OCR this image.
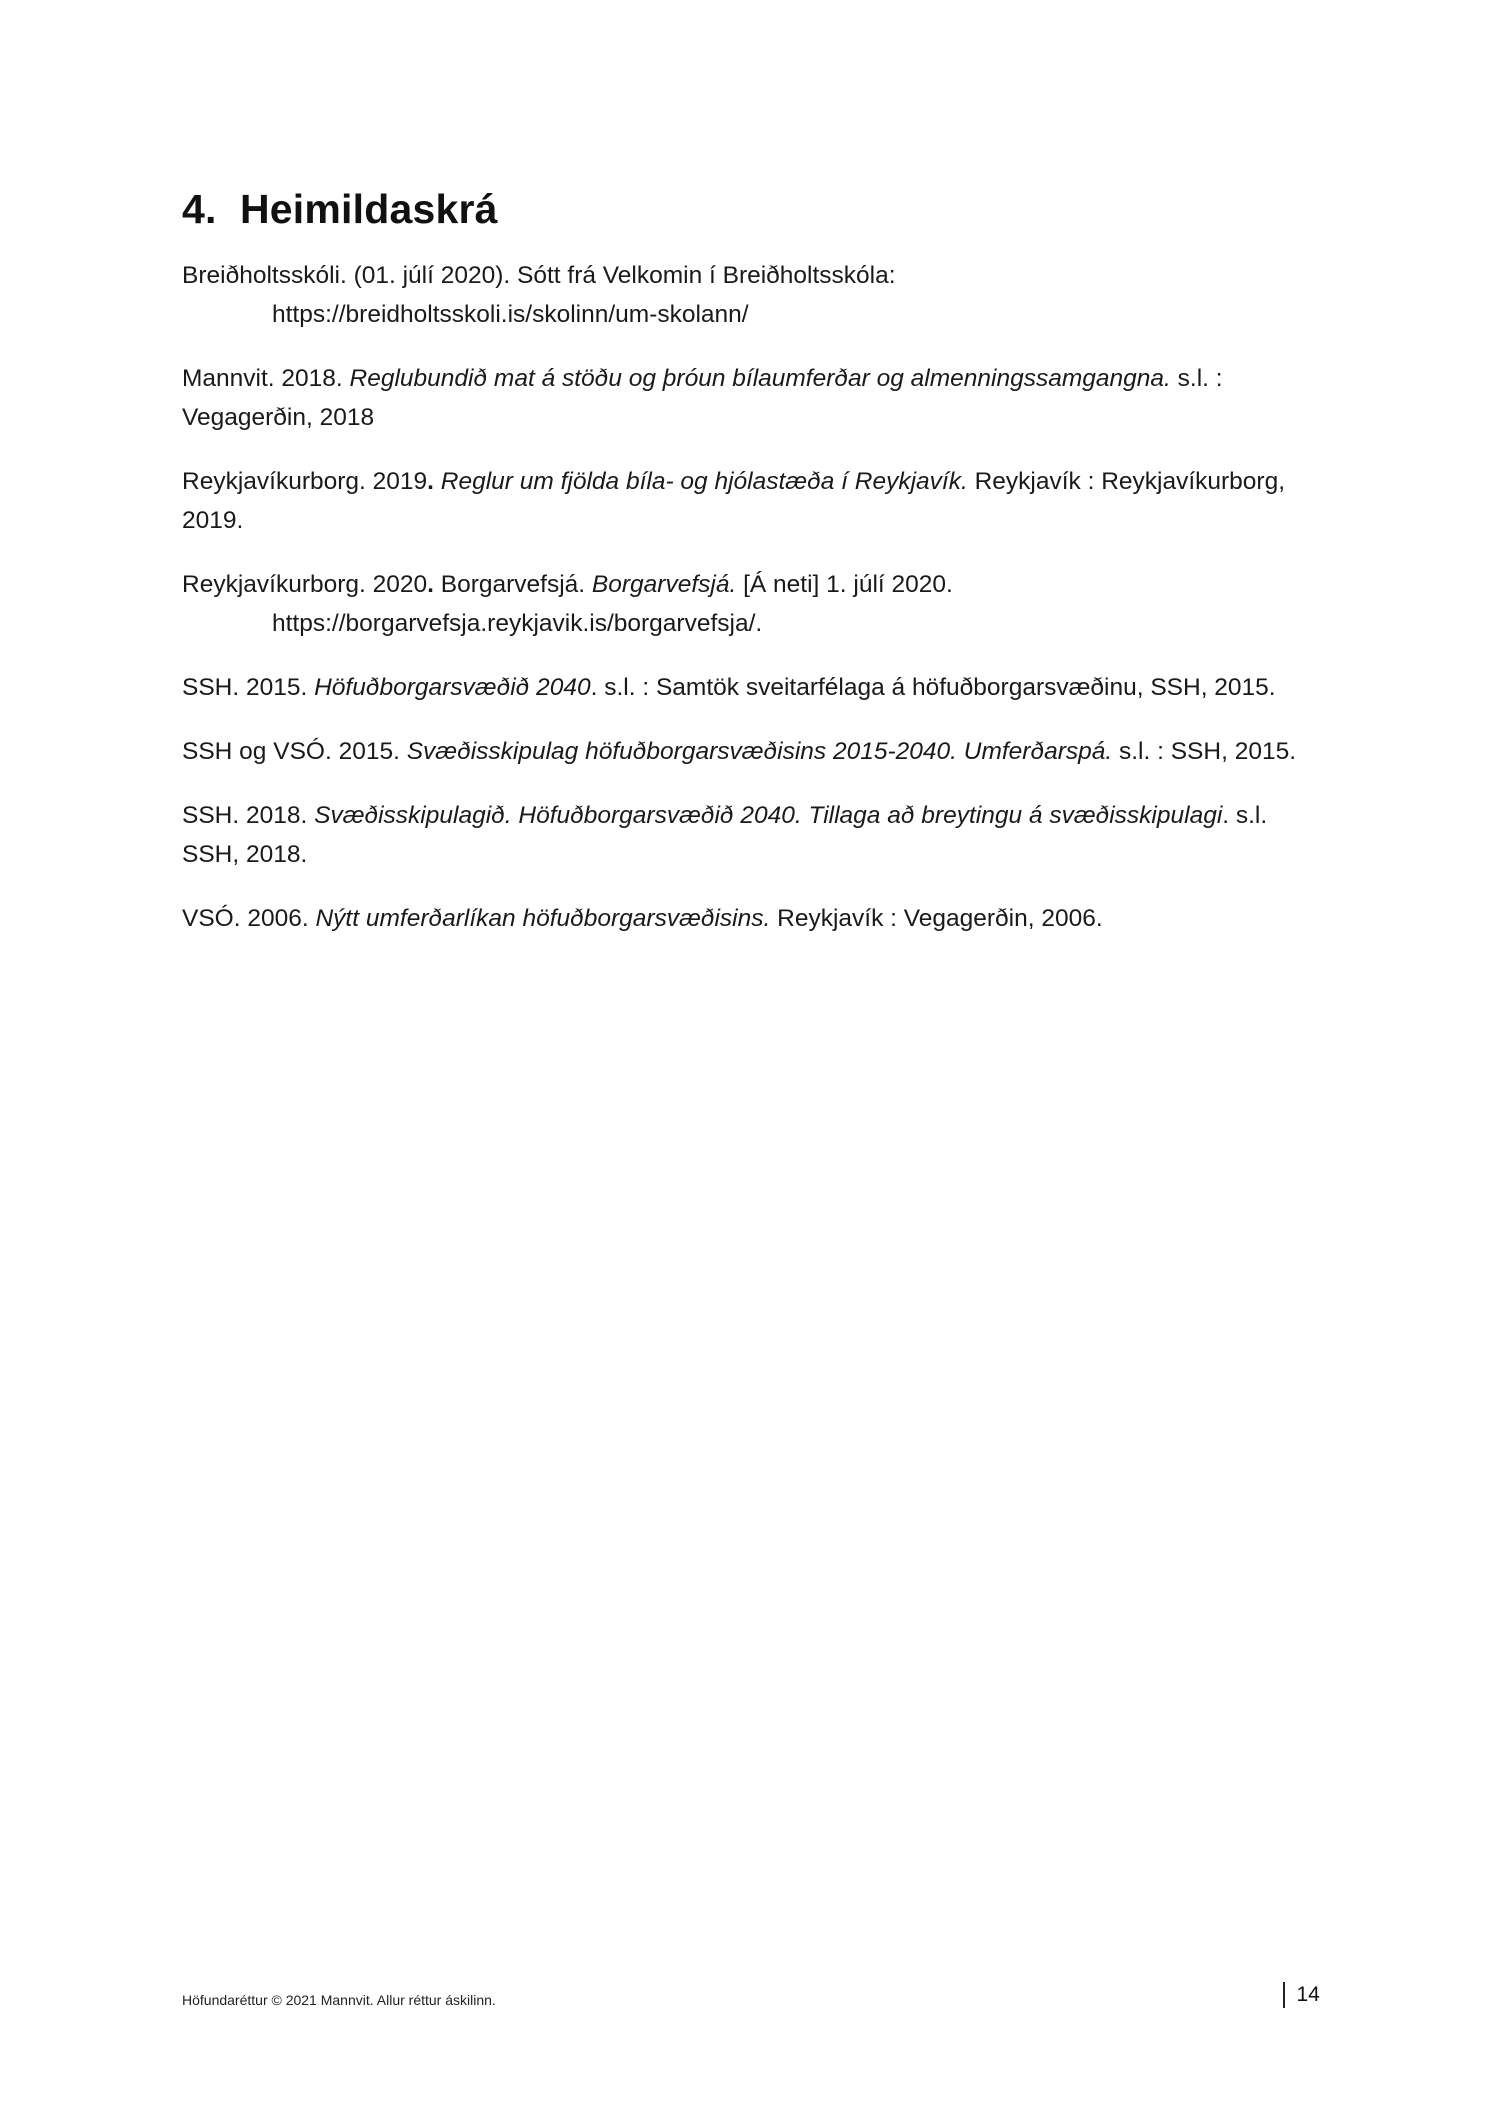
4. Heimildaskrá

Breiðholtsskóli. (01. júlí 2020). Sótt frá Velkomin í Breiðholtsskóla:
https://breidholtsskoli.is/skolinn/um-skolann/

Mannvit. 2018. Reglubundið mat á stöðu og þróun bílaumferðar og almenningssamgangna. s.l. :
Vegagerðin, 2018

Reykjavíkurborg. 2019. Reglur um fjölda bíla- og hjólastæða í Reykjavík. Reykjavík : Reykjavíkurborg,
2019.

Reykjavíkurborg. 2020. Borgarvefsjá. Borgarvefsjá. [Á neti] 1. júlí 2020.
https://borgarvefsja.reykjavik.is/borgarvefsja/.

SSH. 2015. Höfuðborgarsvæðið 2040. s.l. : Samtök sveitarfélaga á höfuðborgarsvæðinu, SSH, 2015.

SSH og VSÓ. 2015. Svæðisskipulag höfuðborgarsvæðisins 2015-2040. Umferðarspá. s.l. : SSH, 2015.

SSH. 2018. Svæðisskipulagið. Höfuðborgarsvæðið 2040. Tillaga að breytingu á svæðisskipulagi. s.l.
SSH, 2018.

VSÓ. 2006. Nýtt umferðarlíkan höfuðborgarsvæðisins. Reykjavík : Vegagerðin, 2006.

Höfundaréttur © 2021 Mannvit. Allur réttur áskilinn.	14
